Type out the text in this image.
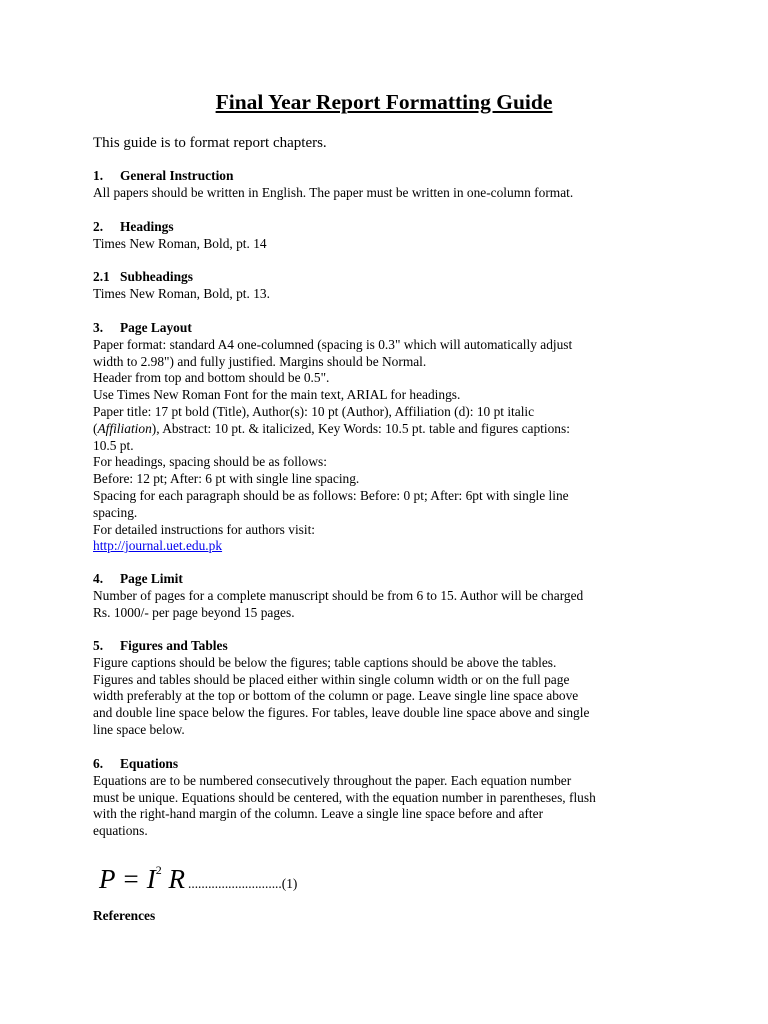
Final Year Report Formatting Guide
This guide is to format report chapters.
1.	General Instruction
All papers should be written in English. The paper must be written in one-column format.
2.	Headings
Times New Roman, Bold, pt. 14
2.1 Subheadings
Times New Roman, Bold, pt. 13.
3.	Page Layout
Paper format: standard A4 one-columned (spacing is 0.3" which will automatically adjust
width to 2.98") and fully justified. Margins should be Normal.
Header from top and bottom should be 0.5".
Use Times New Roman Font for the main text, ARIAL for headings.
Paper title: 17 pt bold (Title), Author(s): 10 pt (Author), Affiliation (d): 10 pt italic
(Affiliation), Abstract: 10 pt. & italicized, Key Words: 10.5 pt. table and figures captions:
10.5 pt.
For headings, spacing should be as follows:
Before: 12 pt; After: 6 pt with single line spacing.
Spacing for each paragraph should be as follows: Before: 0 pt; After: 6pt with single line
spacing.
For detailed instructions for authors visit:
http://journal.uet.edu.pk
4.	Page Limit
Number of pages for a complete manuscript should be from 6 to 15. Author will be charged
Rs. 1000/- per page beyond 15 pages.
5.	Figures and Tables
Figure captions should be below the figures; table captions should be above the tables.
Figures and tables should be placed either within single column width or on the full page
width preferably at the top or bottom of the column or page. Leave single line space above
and double line space below the figures. For tables, leave double line space above and single
line space below.
6.	Equations
Equations are to be numbered consecutively throughout the paper. Each equation number
must be unique. Equations should be centered, with the equation number in parentheses, flush
with the right-hand margin of the column. Leave a single line space before and after
equations.
$P = I^2$ R ............................(1)
References
